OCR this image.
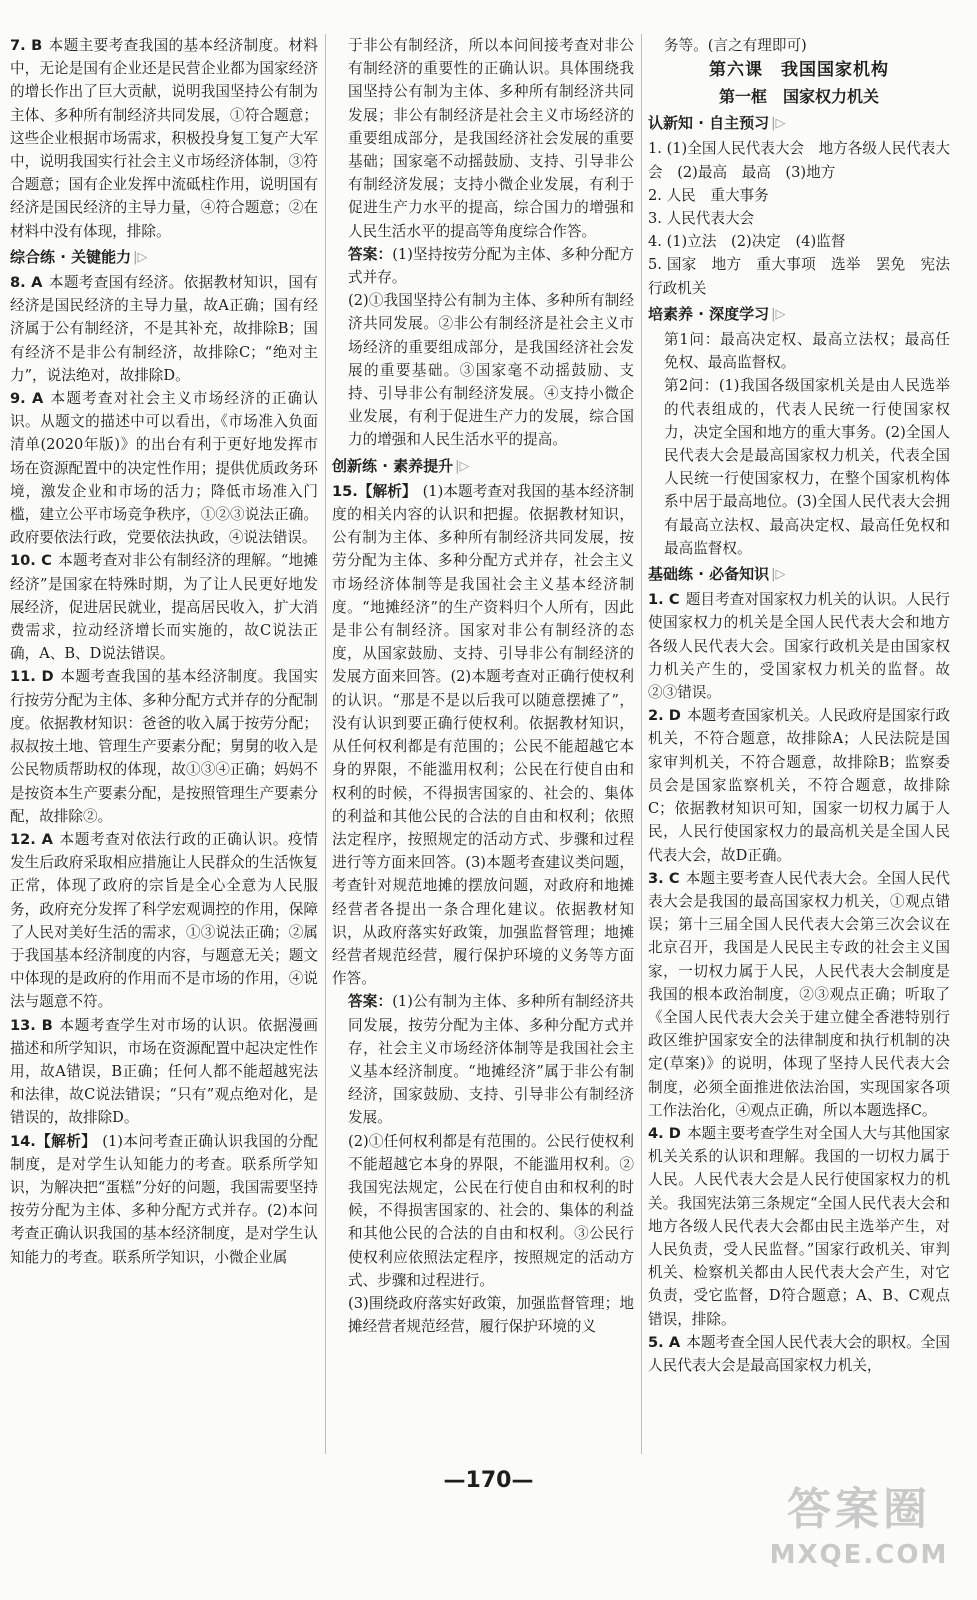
7. B 本题主要考查我国的基本经济制度。材料中，无论是国有企业还是民营企业都为国家经济的增长作出了巨大贡献，说明我国坚持公有制为主体、多种所有制经济共同发展，①符合题意；这些企业根据市场需求，积极投身复工复产大军中，说明我国实行社会主义市场经济体制，③符合题意；国有企业发挥中流砥柱作用，说明国有经济是国民经济的主导力量，④符合题意；②在材料中没有体现，排除。

综合练 · 关键能力 |▷

8. A 本题考查国有经济。依据教材知识，国有经济是国民经济的主导力量，故A正确；国有经济属于公有制经济，不是其补充，故排除B；国有经济不是非公有制经济，故排除C；“绝对主力”，说法绝对，故排除D。

9. A 本题考查对社会主义市场经济的正确认识。从题文的描述中可以看出，《市场准入负面清单(2020年版)》的出台有利于更好地发挥市场在资源配置中的决定性作用；提供优质政务环境，激发企业和市场的活力；降低市场准入门槛，建立公平市场竞争秩序，①②③说法正确。政府要依法行政，党要依法执政，④说法错误。

10. C 本题考查对非公有制经济的理解。“地摊经济”是国家在特殊时期，为了让人民更好地发展经济，促进居民就业，提高居民收入，扩大消费需求，拉动经济增长而实施的，故C说法正确，A、B、D说法错误。

11. D 本题考查我国的基本经济制度。我国实行按劳分配为主体、多种分配方式并存的分配制度。依据教材知识：爸爸的收入属于按劳分配；叔叔按土地、管理生产要素分配；舅舅的收入是公民物质帮助权的体现，故①③④正确；妈妈不是按资本生产要素分配，是按照管理生产要素分配，故排除②。

12. A 本题考查对依法行政的正确认识。疫情发生后政府采取相应措施让人民群众的生活恢复正常，体现了政府的宗旨是全心全意为人民服务，政府充分发挥了科学宏观调控的作用，保障了人民对美好生活的需求，①③说法正确；②属于我国基本经济制度的内容，与题意无关；题文中体现的是政府的作用而不是市场的作用，④说法与题意不符。

13. B 本题考查学生对市场的认识。依据漫画描述和所学知识，市场在资源配置中起决定性作用，故A错误，B正确；任何人都不能超越宪法和法律，故C说法错误；“只有”观点绝对化，是错误的，故排除D。

14.【解析】 (1)本问考查正确认识我国的分配制度，是对学生认知能力的考查。联系所学知识，为解决把“蛋糕”分好的问题，我国需要坚持按劳分配为主体、多种分配方式并存。(2)本问考查正确认识我国的基本经济制度，是对学生认知能力的考查。联系所学知识，小微企业属

于非公有制经济，所以本问间接考查对非公有制经济的重要性的正确认识。具体围绕我国坚持公有制为主体、多种所有制经济共同发展；非公有制经济是社会主义市场经济的重要组成部分，是我国经济社会发展的重要基础；国家毫不动摇鼓励、支持、引导非公有制经济发展；支持小微企业发展，有利于促进生产力水平的提高，综合国力的增强和人民生活水平的提高等角度综合作答。

答案：(1)坚持按劳分配为主体、多种分配方式并存。

(2)①我国坚持公有制为主体、多种所有制经济共同发展。②非公有制经济是社会主义市场经济的重要组成部分，是我国经济社会发展的重要基础。③国家毫不动摇鼓励、支持、引导非公有制经济发展。④支持小微企业发展，有利于促进生产力的发展，综合国力的增强和人民生活水平的提高。

创新练 · 素养提升 |▷

15.【解析】 (1)本题考查对我国的基本经济制度的相关内容的认识和把握。依据教材知识，公有制为主体、多种所有制经济共同发展，按劳分配为主体、多种分配方式并存，社会主义市场经济体制等是我国社会主义基本经济制度。“地摊经济”的生产资料归个人所有，因此是非公有制经济。国家对非公有制经济的态度，从国家鼓励、支持、引导非公有制经济的发展方面来回答。(2)本题考查对正确行使权利的认识。“那是不是以后我可以随意摆摊了”，没有认识到要正确行使权利。依据教材知识，从任何权利都是有范围的；公民不能超越它本身的界限，不能滥用权利；公民在行使自由和权利的时候，不得损害国家的、社会的、集体的利益和其他公民的合法的自由和权利；依照法定程序，按照规定的活动方式、步骤和过程进行等方面来回答。(3)本题考查建议类问题，考查针对规范地摊的摆放问题，对政府和地摊经营者各提出一条合理化建议。依据教材知识，从政府落实好政策，加强监督管理；地摊经营者规范经营，履行保护环境的义务等方面作答。

答案：(1)公有制为主体、多种所有制经济共同发展，按劳分配为主体、多种分配方式并存，社会主义市场经济体制等是我国社会主义基本经济制度。“地摊经济”属于非公有制经济，国家鼓励、支持、引导非公有制经济发展。

(2)①任何权利都是有范围的。公民行使权利不能超越它本身的界限，不能滥用权利。②我国宪法规定，公民在行使自由和权利的时候，不得损害国家的、社会的、集体的利益和其他公民的合法的自由和权利。③公民行使权利应依照法定程序，按照规定的活动方式、步骤和过程进行。

(3)围绕政府落实好政策，加强监督管理；地摊经营者规范经营，履行保护环境的义

务等。(言之有理即可)

第六课　我国国家机构
第一框　国家权力机关
认新知 · 自主预习 |▷

1. (1)全国人民代表大会　地方各级人民代表大会　(2)最高　最高　(3)地方

2. 人民　重大事务

3. 人民代表大会

4. (1)立法　(2)决定　(4)监督

5. 国家　地方　重大事项　选举　罢免　宪法　行政机关

培素养 · 深度学习 |▷

第1问：最高决定权、最高立法权；最高任免权、最高监督权。

第2问：(1)我国各级国家机关是由人民选举的代表组成的，代表人民统一行使国家权力，决定全国和地方的重大事务。(2)全国人民代表大会是最高国家权力机关，代表全国人民统一行使国家权力，在整个国家机构体系中居于最高地位。(3)全国人民代表大会拥有最高立法权、最高决定权、最高任免权和最高监督权。

基础练 · 必备知识 |▷

1. C 题目考查对国家权力机关的认识。人民行使国家权力的机关是全国人民代表大会和地方各级人民代表大会。国家行政机关是由国家权力机关产生的，受国家权力机关的监督。故②③错误。

2. D 本题考查国家机关。人民政府是国家行政机关，不符合题意，故排除A；人民法院是国家审判机关，不符合题意，故排除B；监察委员会是国家监察机关，不符合题意，故排除C；依据教材知识可知，国家一切权力属于人民，人民行使国家权力的最高机关是全国人民代表大会，故D正确。

3. C 本题主要考查人民代表大会。全国人民代表大会是我国的最高国家权力机关，①观点错误；第十三届全国人民代表大会第三次会议在北京召开，我国是人民民主专政的社会主义国家，一切权力属于人民，人民代表大会制度是我国的根本政治制度，②③观点正确；听取了《全国人民代表大会关于建立健全香港特别行政区维护国家安全的法律制度和执行机制的决定(草案)》的说明，体现了坚持人民代表大会制度，必须全面推进依法治国，实现国家各项工作法治化，④观点正确，所以本题选择C。

4. D 本题主要考查学生对全国人大与其他国家机关关系的认识和理解。我国的一切权力属于人民。人民代表大会是人民行使国家权力的机关。我国宪法第三条规定“全国人民代表大会和地方各级人民代表大会都由民主选举产生，对人民负责，受人民监督。”国家行政机关、审判机关、检察机关都由人民代表大会产生，对它负责，受它监督，D符合题意；A、B、C观点错误，排除。

5. A 本题考查全国人民代表大会的职权。全国人民代表大会是最高国家权力机关，

—170—
答案圈
MXQE.COM
